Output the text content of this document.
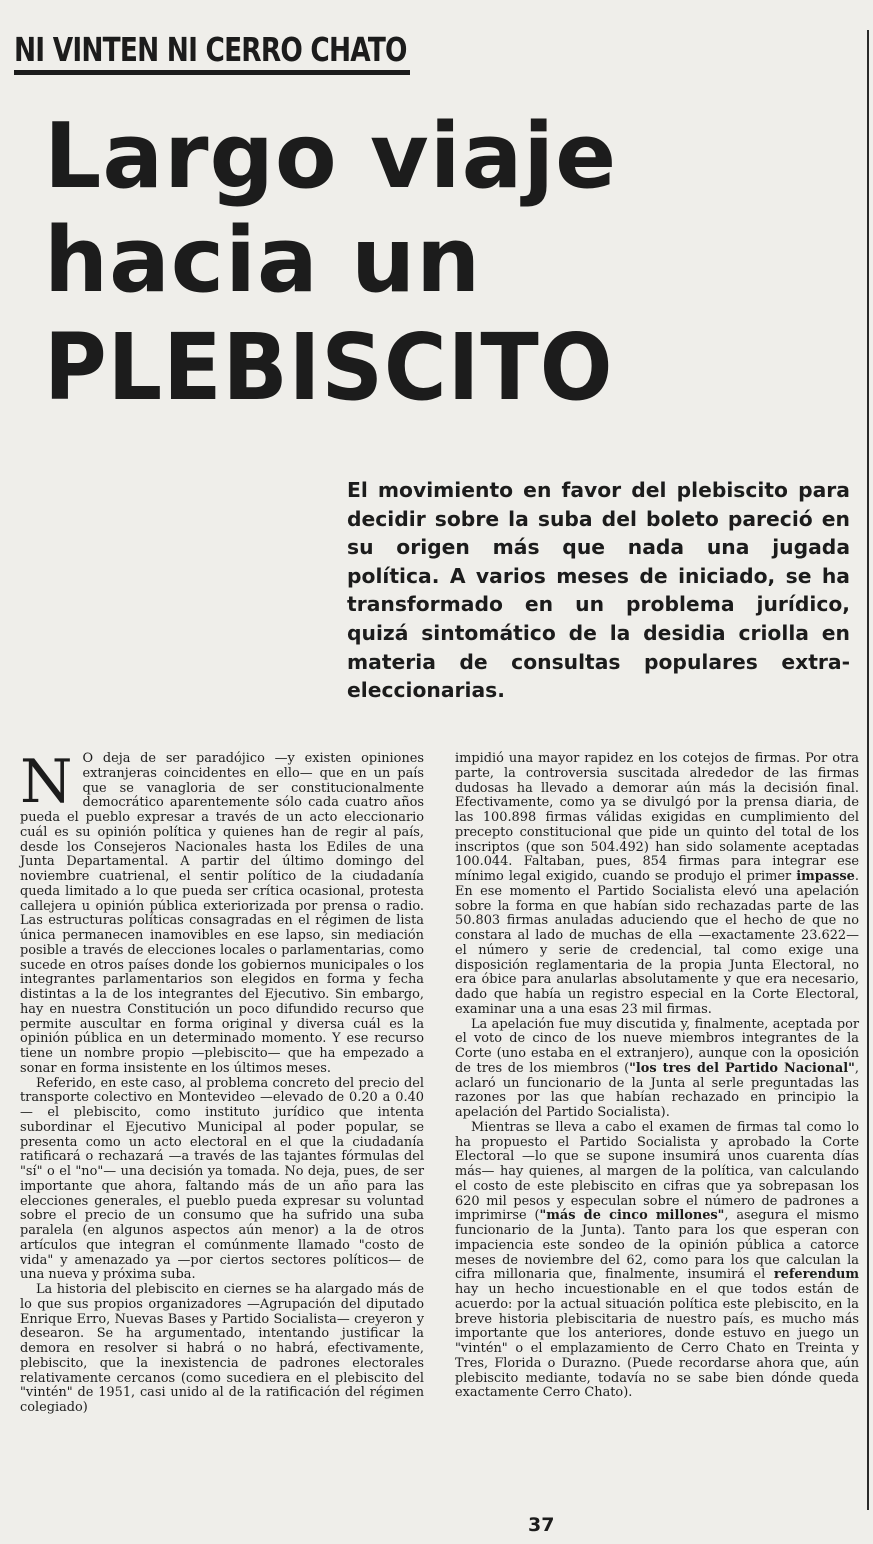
NI VINTEN NI CERRO CHATO
Largo viaje
hacia un
PLEBISCITO
El movimiento en favor del plebiscito para decidir sobre la suba del boleto pareció en su origen más que nada una jugada política. A varios meses de iniciado, se ha transformado en un problema jurídico, quizá sintomático de la desidia criolla en materia de consultas populares extra-eleccionarias.

N O deja de ser paradójico —y existen opiniones extranjeras coincidentes en ello— que en un país que se vanagloria de ser constitucionalmente democrático aparentemente sólo cada cuatro años pueda el pueblo expresar a través de un acto eleccionario cuál es su opinión política y quienes han de regir al país, desde los Consejeros Nacionales hasta los Ediles de una Junta Departamental. A partir del último domingo del noviembre cuatrienal, el sentir político de la ciudadanía queda limitado a lo que pueda ser crítica ocasional, protesta callejera u opinión pública exteriorizada por prensa o radio. Las estructuras políticas consagradas en el régimen de lista única permanecen inamovibles en ese lapso, sin mediación posible a través de elecciones locales o parlamentarias, como sucede en otros países donde los gobiernos municipales o los integrantes parlamentarios son elegidos en forma y fecha distintas a la de los integrantes del Ejecutivo. Sin embargo, hay en nuestra Constitución un poco difundido recurso que permite auscultar en forma original y diversa cuál es la opinión pública en un determinado momento. Y ese recurso tiene un nombre propio —plebiscito— que ha empezado a sonar en forma insistente en los últimos meses.

Referido, en este caso, al problema concreto del precio del transporte colectivo en Montevideo —elevado de 0.20 a 0.40— el plebiscito, como instituto jurídico que intenta subordinar el Ejecutivo Municipal al poder popular, se presenta como un acto electoral en el que la ciudadanía ratificará o rechazará —a través de las tajantes fórmulas del "sí" o el "no"— una decisión ya tomada. No deja, pues, de ser importante que ahora, faltando más de un año para las elecciones generales, el pueblo pueda expresar su voluntad sobre el precio de un consumo que ha sufrido una suba paralela (en algunos aspectos aún menor) a la de otros artículos que integran el comúnmente llamado "costo de vida" y amenazado ya —por ciertos sectores políticos— de una nueva y próxima suba.

La historia del plebiscito en ciernes se ha alargado más de lo que sus propios organizadores —Agrupación del diputado Enrique Erro, Nuevas Bases y Partido Socialista— creyeron y desearon. Se ha argumentado, intentando justificar la demora en resolver si habrá o no habrá, efectivamente, plebiscito, que la inexistencia de padrones electorales relativamente cercanos (como sucediera en el plebiscito del "vintén" de 1951, casi unido al de la ratificación del régimen colegiado)

impidió una mayor rapidez en los cotejos de firmas. Por otra parte, la controversia suscitada alrededor de las firmas dudosas ha llevado a demorar aún más la decisión final. Efectivamente, como ya se divulgó por la prensa diaria, de las 100.898 firmas válidas exigidas en cumplimiento del precepto constitucional que pide un quinto del total de los inscriptos (que son 504.492) han sido solamente aceptadas 100.044. Faltaban, pues, 854 firmas para integrar ese mínimo legal exigido, cuando se produjo el primer impasse. En ese momento el Partido Socialista elevó una apelación sobre la forma en que habían sido rechazadas parte de las 50.803 firmas anuladas aduciendo que el hecho de que no constara al lado de muchas de ella —exactamente 23.622— el número y serie de credencial, tal como exige una disposición reglamentaria de la propia Junta Electoral, no era óbice para anularlas absolutamente y que era necesario, dado que había un registro especial en la Corte Electoral, examinar una a una esas 23 mil firmas.

La apelación fue muy discutida y, finalmente, aceptada por el voto de cinco de los nueve miembros integrantes de la Corte (uno estaba en el extranjero), aunque con la oposición de tres de los miembros ("los tres del Partido Nacional", aclaró un funcionario de la Junta al serle preguntadas las razones por las que habían rechazado en principio la apelación del Partido Socialista).

Mientras se lleva a cabo el examen de firmas tal como lo ha propuesto el Partido Socialista y aprobado la Corte Electoral —lo que se supone insumirá unos cuarenta días más— hay quienes, al margen de la política, van calculando el costo de este plebiscito en cifras que ya sobrepasan los 620 mil pesos y especulan sobre el número de padrones a imprimirse ("más de cinco millones", asegura el mismo funcionario de la Junta). Tanto para los que esperan con impaciencia este sondeo de la opinión pública a catorce meses de noviembre del 62, como para los que calculan la cifra millonaria que, finalmente, insumirá el referendum hay un hecho incuestionable en el que todos están de acuerdo: por la actual situación política este plebiscito, en la breve historia plebiscitaria de nuestro país, es mucho más importante que los anteriores, donde estuvo en juego un "vintén" o el emplazamiento de Cerro Chato en Treinta y Tres, Florida o Durazno. (Puede recordarse ahora que, aún plebiscito mediante, todavía no se sabe bien dónde queda exactamente Cerro Chato).

37
